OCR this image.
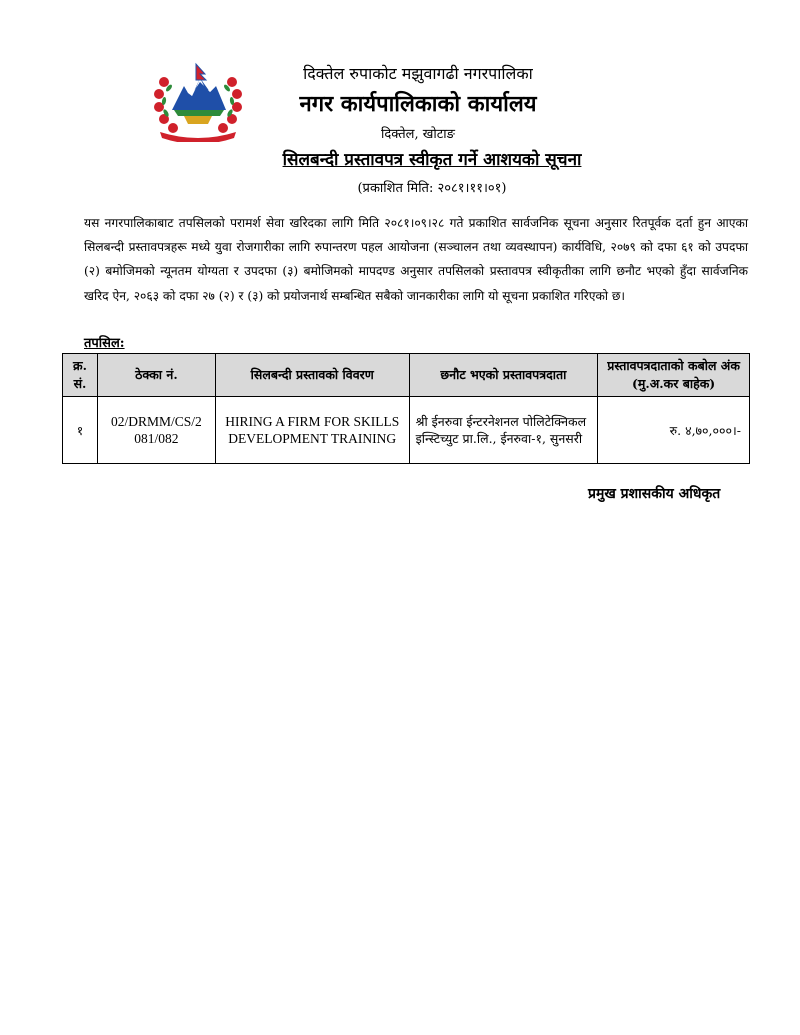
दिक्तेल रुपाकोट मझुवागढी नगरपालिका
नगर कार्यपालिकाको कार्यालय
दिक्तेल, खोटाङ
सिलबन्दी प्रस्तावपत्र स्वीकृत गर्ने आशयको सूचना
(प्रकाशित मिति: २०८१।११।०१)
यस नगरपालिकाबाट तपसिलको परामर्श सेवा खरिदका लागि मिति २०८१।०९।२८ गते प्रकाशित सार्वजनिक सूचना अनुसार रितपूर्वक दर्ता हुन आएका सिलबन्दी प्रस्तावपत्रहरू मध्ये युवा रोजगारीका लागि रुपान्तरण पहल आयोजना (सञ्चालन तथा व्यवस्थापन) कार्यविधि, २०७९ को दफा ६१ को उपदफा (२) बमोजिमको न्यूनतम योग्यता र उपदफा (३) बमोजिमको मापदण्ड अनुसार तपसिलको प्रस्तावपत्र स्वीकृतीका लागि छनौट भएको हुँदा सार्वजनिक खरिद ऐन, २०६३ को दफा २७ (२) र (३) को प्रयोजनार्थ सम्बन्धित सबैको जानकारीका लागि यो सूचना प्रकाशित गरिएको छ।
तपसिल:
क्र. सं.	ठेक्का नं.	सिलबन्दी प्रस्तावको विवरण	छनौट भएको प्रस्तावपत्रदाता	प्रस्तावपत्रदाताको कबोल अंक (मु.अ.कर बाहेक)
१	02/DRMM/CS/2 081/082	HIRING A FIRM FOR SKILLS DEVELOPMENT TRAINING	श्री ईनरुवा ईन्टरनेशनल पोलिटेक्निकल इन्स्टिच्युट प्रा.लि., ईनरुवा-१, सुनसरी	रु. ४,७०,०००।-
प्रमुख प्रशासकीय अधिकृत
